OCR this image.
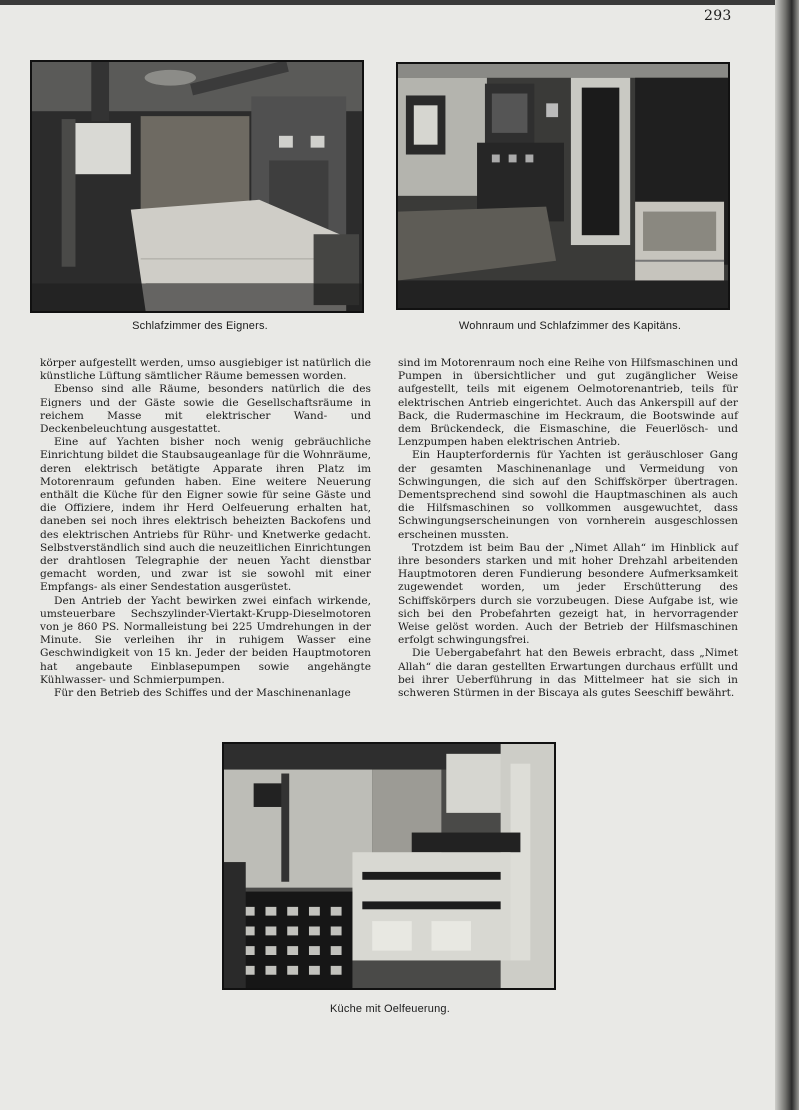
293
Schlafzimmer des Eigners.	Wohnraum und Schlafzimmer des Kapitäns.

körper aufgestellt werden, umso ausgiebiger ist natürlich die künstliche Lüftung sämtlicher Räume bemessen worden.

Ebenso sind alle Räume, besonders natürlich die des Eigners und der Gäste sowie die Gesellschaftsräume in reichem Masse mit elektrischer Wand- und Deckenbeleuchtung ausgestattet.

Eine auf Yachten bisher noch wenig gebräuchliche Einrichtung bildet die Staubsaugeanlage für die Wohnräume, deren elektrisch betätigte Apparate ihren Platz im Motorenraum gefunden haben. Eine weitere Neuerung enthält die Küche für den Eigner sowie für seine Gäste und die Offiziere, indem ihr Herd Oelfeuerung erhalten hat, daneben sei noch ihres elektrisch beheizten Backofens und des elektrischen Antriebs für Rühr- und Knetwerke gedacht. Selbstverständlich sind auch die neuzeitlichen Einrichtungen der drahtlosen Telegraphie der neuen Yacht dienstbar gemacht worden, und zwar ist sie sowohl mit einer Empfangs- als einer Sendestation ausgerüstet.

Den Antrieb der Yacht bewirken zwei einfach wirkende, umsteuerbare Sechszylinder-Viertakt-Krupp-Dieselmotoren von je 860 PS. Normalleistung bei 225 Umdrehungen in der Minute. Sie verleihen ihr in ruhigem Wasser eine Geschwindigkeit von 15 kn. Jeder der beiden Hauptmotoren hat angebaute Einblasepumpen sowie angehängte Kühlwasser- und Schmierpumpen.

Für den Betrieb des Schiffes und der Maschinenanlage

sind im Motorenraum noch eine Reihe von Hilfsmaschinen und Pumpen in übersichtlicher und gut zugänglicher Weise aufgestellt, teils mit eigenem Oelmotorenantrieb, teils für elektrischen Antrieb eingerichtet. Auch das Ankerspill auf der Back, die Rudermaschine im Heckraum, die Bootswinde auf dem Brückendeck, die Eismaschine, die Feuerlösch- und Lenzpumpen haben elektrischen Antrieb.

Ein Haupterfordernis für Yachten ist geräuschloser Gang der gesamten Maschinenanlage und Vermeidung von Schwingungen, die sich auf den Schiffskörper übertragen. Dementsprechend sind sowohl die Hauptmaschinen als auch die Hilfsmaschinen so vollkommen ausgewuchtet, dass Schwingungserscheinungen von vornherein ausgeschlossen erscheinen mussten.

Trotzdem ist beim Bau der „Nimet Allah“ im Hinblick auf ihre besonders starken und mit hoher Drehzahl arbeitenden Hauptmotoren deren Fundierung besondere Aufmerksamkeit zugewendet worden, um jeder Erschütterung des Schiffskörpers durch sie vorzubeugen. Diese Aufgabe ist, wie sich bei den Probefahrten gezeigt hat, in hervorragender Weise gelöst worden. Auch der Betrieb der Hilfsmaschinen erfolgt schwingungsfrei.

Die Uebergabefahrt hat den Beweis erbracht, dass „Nimet Allah“ die daran gestellten Erwartungen durchaus erfüllt und bei ihrer Ueberführung in das Mittelmeer hat sie sich in schweren Stürmen in der Biscaya als gutes Seeschiff bewährt.

Küche mit Oelfeuerung.
